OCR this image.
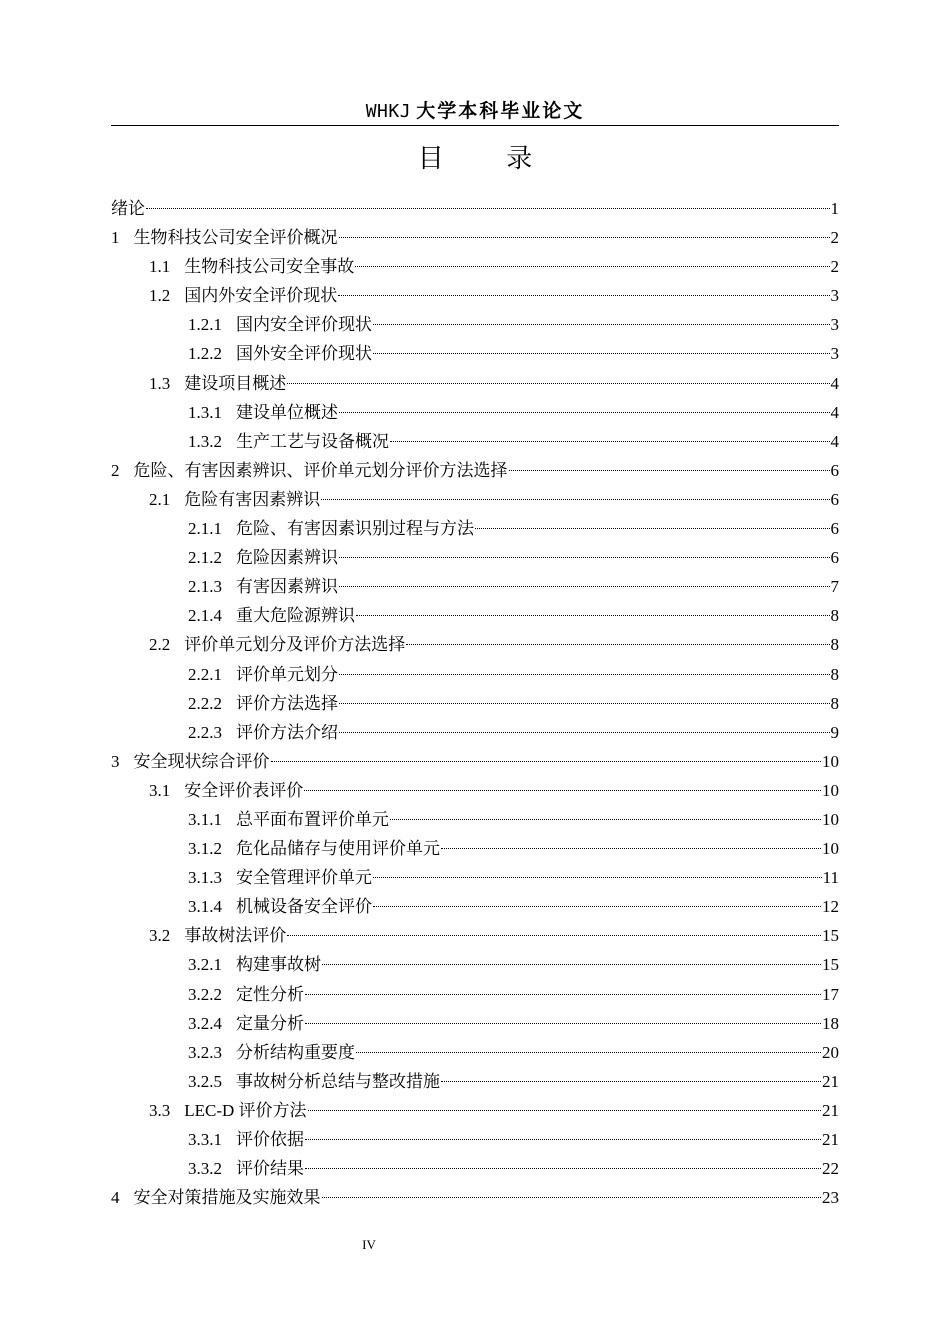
WHKJ 大学本科毕业论文
目 录
绪论	1
1 生物科技公司安全评价概况	2
1.1 生物科技公司安全事故	2
1.2 国内外安全评价现状	3
1.2.1 国内安全评价现状	3
1.2.2 国外安全评价现状	3
1.3 建设项目概述	4
1.3.1 建设单位概述	4
1.3.2 生产工艺与设备概况	4
2 危险、有害因素辨识、评价单元划分评价方法选择	6
2.1 危险有害因素辨识	6
2.1.1 危险、有害因素识别过程与方法	6
2.1.2 危险因素辨识	6
2.1.3 有害因素辨识	7
2.1.4 重大危险源辨识	8
2.2 评价单元划分及评价方法选择	8
2.2.1 评价单元划分	8
2.2.2 评价方法选择	8
2.2.3 评价方法介绍	9
3 安全现状综合评价	10
3.1 安全评价表评价	10
3.1.1 总平面布置评价单元	10
3.1.2 危化品储存与使用评价单元	10
3.1.3 安全管理评价单元	11
3.1.4 机械设备安全评价	12
3.2 事故树法评价	15
3.2.1 构建事故树	15
3.2.2 定性分析	17
3.2.4 定量分析	18
3.2.3 分析结构重要度	20
3.2.5 事故树分析总结与整改措施	21
3.3 LEC-D 评价方法	21
3.3.1 评价依据	21
3.3.2 评价结果	22
4 安全对策措施及实施效果	23
IV
